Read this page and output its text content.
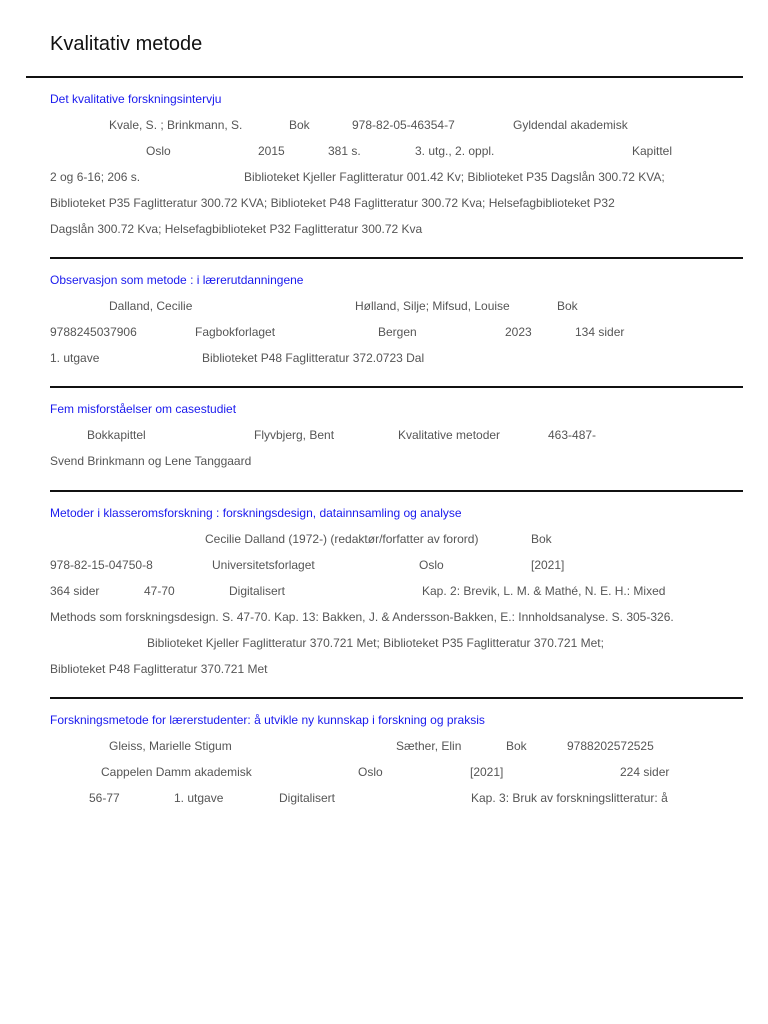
Kvalitativ metode
Det kvalitative forskningsintervju
Kvale, S. ; Brinkmann, S.	Bok	978-82-05-46354-7	Gyldendal akademisk
Oslo	2015	381 s.	3. utg., 2. oppl.	Kapittel
2 og 6-16; 206 s.	Biblioteket Kjeller Faglitteratur 001.42 Kv; Biblioteket P35 Dagslån 300.72 KVA;
Biblioteket P35 Faglitteratur 300.72 KVA; Biblioteket P48 Faglitteratur 300.72 Kva; Helsefagbiblioteket P32
Dagslån 300.72 Kva; Helsefagbiblioteket P32 Faglitteratur 300.72 Kva
Observasjon som metode : i lærerutdanningene
Dalland, Cecilie	Hølland, Silje; Mifsud, Louise	Bok
9788245037906	Fagbokforlaget	Bergen	2023	134 sider
1. utgave	Biblioteket P48 Faglitteratur 372.0723 Dal
Fem misforståelser om casestudiet
Bokkapittel	Flyvbjerg, Bent	Kvalitative metoder	463-487-
Svend Brinkmann og Lene Tanggaard
Metoder i klasseromsforskning : forskningsdesign, datainnsamling og analyse
Cecilie Dalland (1972-) (redaktør/forfatter av forord)	Bok
978-82-15-04750-8	Universitetsforlaget	Oslo	[2021]
364 sider	47-70	Digitalisert	Kap. 2: Brevik, L. M. & Mathé, N. E. H.: Mixed
Methods som forskningsdesign. S. 47-70. Kap. 13: Bakken, J. & Andersson-Bakken, E.: Innholdsanalyse. S. 305-326.
Biblioteket Kjeller Faglitteratur 370.721 Met; Biblioteket P35 Faglitteratur 370.721 Met;
Biblioteket P48 Faglitteratur 370.721 Met
Forskningsmetode for lærerstudenter: å utvikle ny kunnskap i forskning og praksis
Gleiss, Marielle Stigum	Sæther, Elin	Bok	9788202572525
Cappelen Damm akademisk	Oslo	[2021]	224 sider
56-77	1. utgave	Digitalisert	Kap. 3: Bruk av forskningslitteratur: å
